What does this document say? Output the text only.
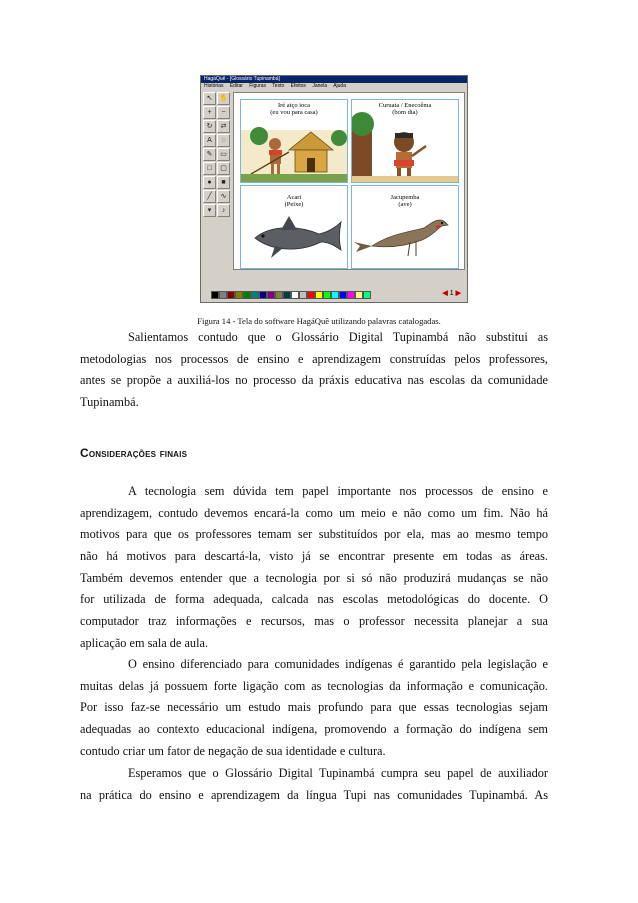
HagáQuê - [Glossário Tupinambá]
Histórias Editar Figuras Texto Efeitos Janela Ajuda
↖ ✋
+	−
↻	⇄
A	◌
✎	▭
□	▢
●	■
╱	∿
▾	♪
Iré atço ioca
(eu vou para casa)
Curuata / Enecoêma
(bom dia)
Acari
(Peixe)
Jacupemba
(ave)
◀ 1 ▶
Figura 14 - Tela do software HagáQuê utilizando palavras catalogadas.

Salientamos contudo que o Glossário Digital Tupinambá não substitui as
metodologias nos processos de ensino e aprendizagem construídas pelos professores,
antes se propõe a auxiliá-los no processo da práxis educativa nas escolas da comunidade
Tupinambá.

Considerações finais

A tecnologia sem dúvida tem papel importante nos processos de ensino e
aprendizagem, contudo devemos encará-la como um meio e não como um fim. Não há
motivos para que os professores temam ser substituídos por ela, mas ao mesmo tempo
não há motivos para descartá-la, visto já se encontrar presente em todas as áreas.
Também devemos entender que a tecnologia por si só não produzirá mudanças se não
for utilizada de forma adequada, calcada nas escolas metodológicas do docente. O
computador traz informações e recursos, mas o professor necessita planejar a sua
aplicação em sala de aula.

O ensino diferenciado para comunidades indígenas é garantido pela legislação e
muitas delas já possuem forte ligação com as tecnologias da informação e comunicação.
Por isso faz-se necessário um estudo mais profundo para que essas tecnologias sejam
adequadas ao contexto educacional indígena, promovendo a formação do indígena sem
contudo criar um fator de negação de sua identidade e cultura.

Esperamos que o Glossário Digital Tupinambá cumpra seu papel de auxiliador
na prática do ensino e aprendizagem da língua Tupi nas comunidades Tupinambá. As
